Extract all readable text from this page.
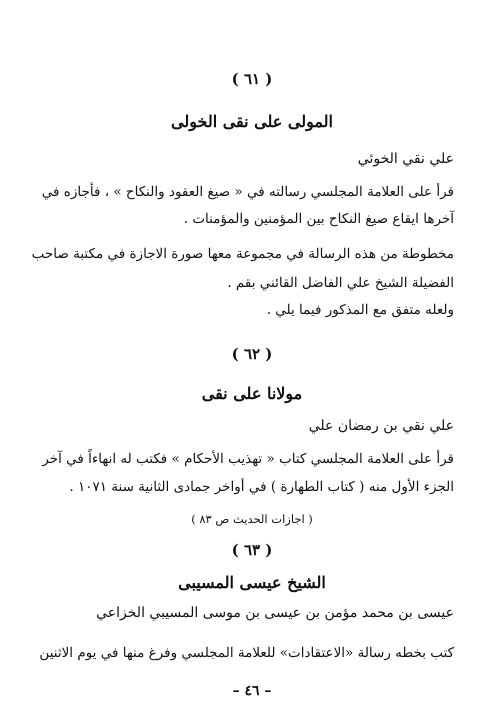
( ٦١ )
المولى على نقى الخولى
علي نقي الخوئي
قرأ على العلامة المجلسي رسالته في « صيغ العقود والنكاح » ، فأجازه في
آخرها ايقاع صيغ النكاح بين المؤمنين والمؤمنات .
مخطوطة من هذه الرسالة في مجموعة معها صورة الاجازة في مكتبة صاحب
الفضيلة الشيخ علي الفاضل القائني بقم .
ولعله متفق مع المذكور فيما يلي .
( ٦٢ )
مولانا على نقى
علي نقي بن رمضان علي
قرأ على العلامة المجلسي كتاب « تهذيب الأحكام » فكتب له انهاءاً في آخر
الجزء الأول منه ( كتاب الطهارة ) في أواخر جمادى الثانية سنة ١٠٧١ .
( اجازات الحديث ص ٨٣ )
( ٦٣ )
الشيخ عيسى المسيبى
عيسى بن محمد مؤمن بن عيسى بن موسى المسيبي الخزاعي
كتب بخطه رسالة «الاعتقادات» للعلامة المجلسي وفرغ منها في يوم الاثنين
– ٤٦ –
